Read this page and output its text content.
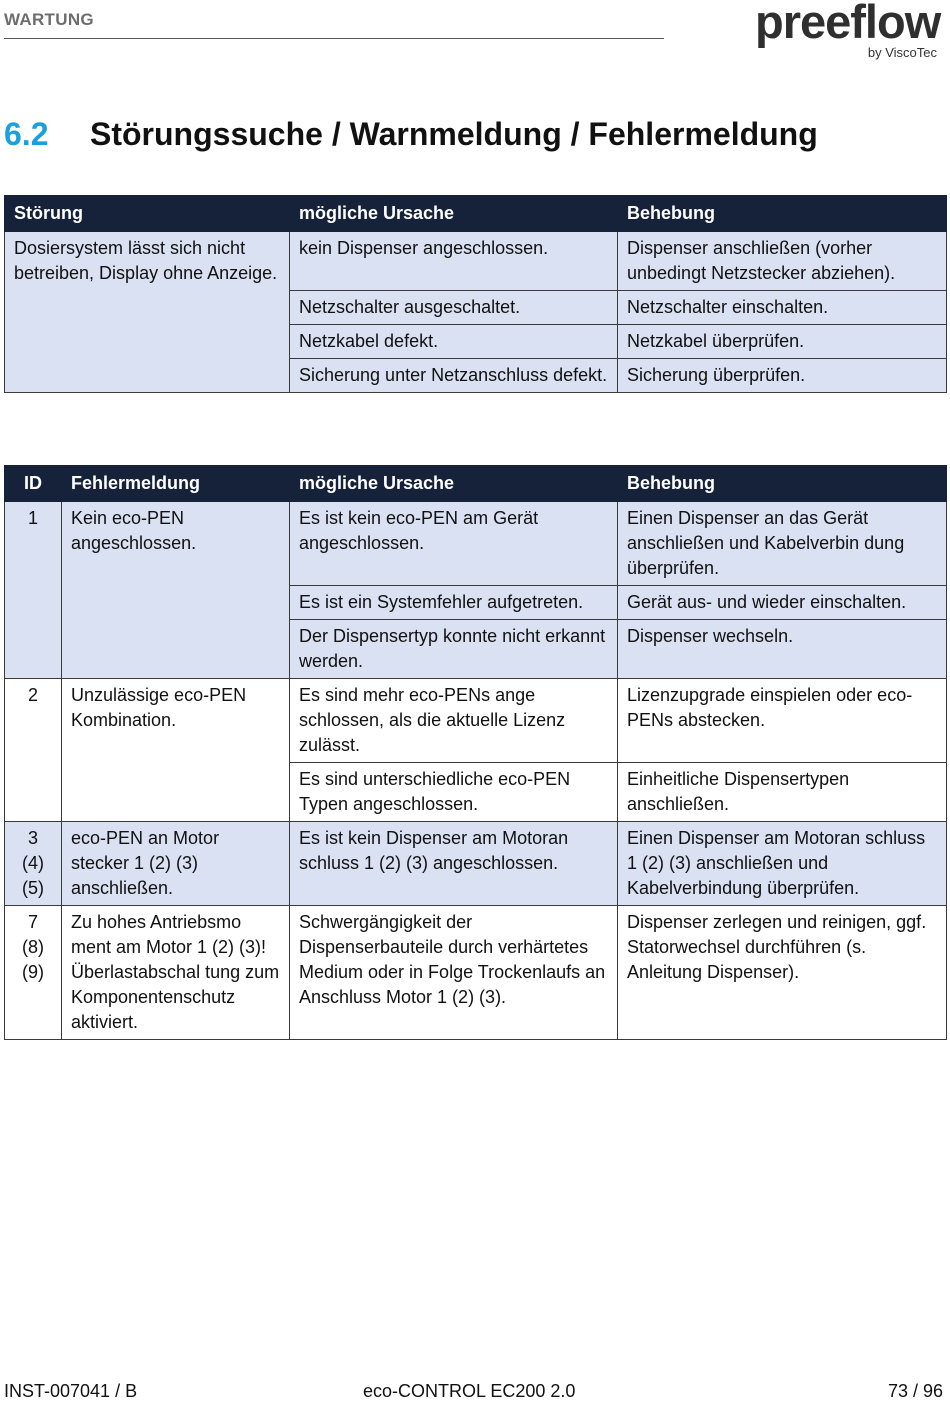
WARTUNG	preeflow
by ViscoTec
6.2	Störungssuche / Warnmeldung / Fehlermeldung
Störung	mögliche Ursache	Behebung
Dosiersystem lässt sich nicht betreiben, Display ohne Anzeige.	kein Dispenser angeschlossen.	Dispenser anschließen (vorher unbedingt Netzstecker abziehen).
	Netzschalter ausgeschaltet.	Netzschalter einschalten.
	Netzkabel defekt.	Netzkabel überprüfen.
	Sicherung unter Netzanschluss defekt.	Sicherung überprüfen.
ID	Fehlermeldung	mögliche Ursache	Behebung
1	Kein eco-PEN angeschlossen.	Es ist kein eco-PEN am Gerät angeschlossen.	Einen Dispenser an das Gerät anschließen und Kabelverbin dung überprüfen.
		Es ist ein Systemfehler aufgetreten.	Gerät aus- und wieder einschalten.
		Der Dispensertyp konnte nicht erkannt werden.	Dispenser wechseln.
2	Unzulässige eco-PEN Kombination.	Es sind mehr eco-PENs ange schlossen, als die aktuelle Lizenz zulässt.	Lizenzupgrade einspielen oder eco-PENs abstecken.
		Es sind unterschiedliche eco-PEN Typen angeschlossen.	Einheitliche Dispensertypen anschließen.

3
(4)
(5)	eco-PEN an Motor stecker 1 (2) (3) anschließen.	Es ist kein Dispenser am Motoran schluss 1 (2) (3) angeschlossen.	Einen Dispenser am Motoran schluss 1 (2) (3) anschließen und Kabelverbindung überprüfen.

7
(8)
(9)	Zu hohes Antriebsmo ment am Motor 1 (2) (3)! Überlastabschal tung zum Komponentenschutz aktiviert.	Schwergängigkeit der Dispenserbauteile durch verhärtetes Medium oder in Folge Trockenlaufs an Anschluss Motor 1 (2) (3).	Dispenser zerlegen und reinigen, ggf. Statorwechsel durchführen (s. Anleitung Dispenser).
INST-007041 / B	eco-CONTROL EC200 2.0	73 / 96
